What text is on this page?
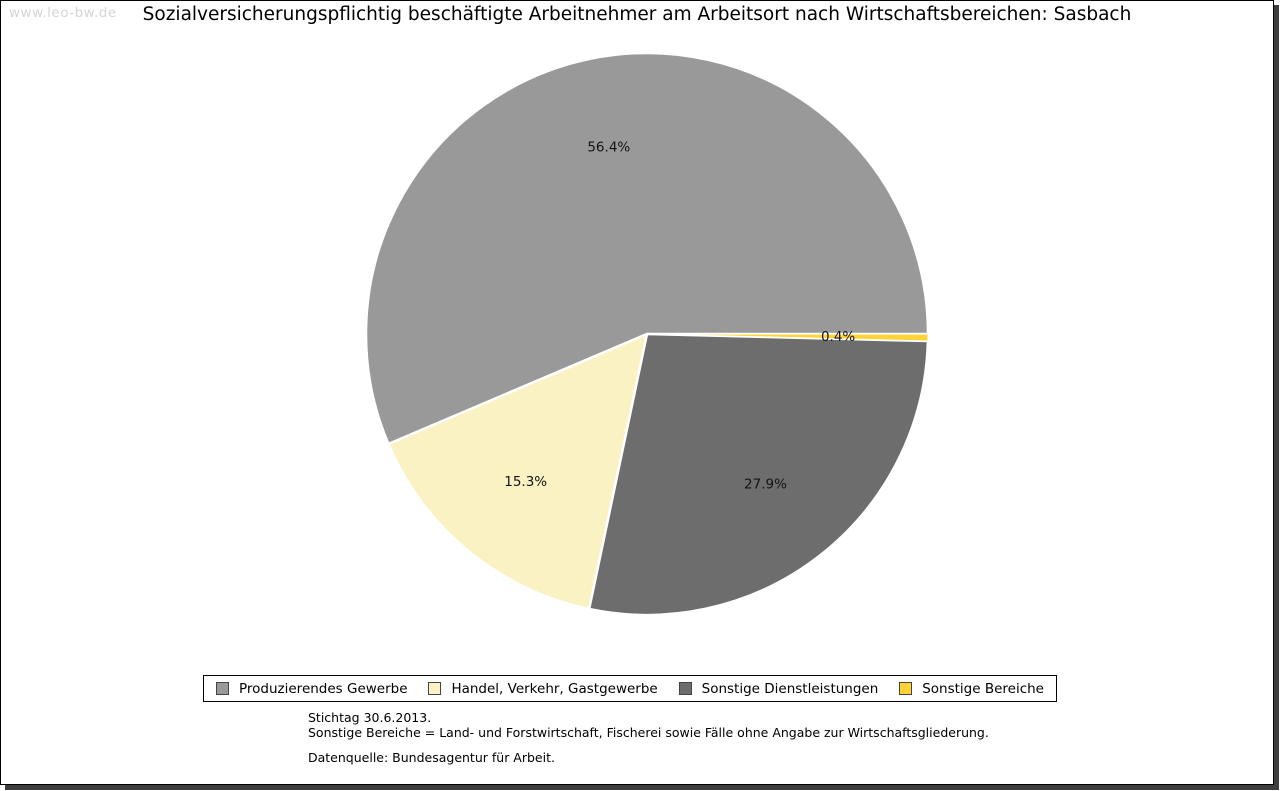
www.leo-bw.de	Sozialversicherungspflichtig beschäftigte Arbeitnehmer am Arbeitsort nach Wirtschaftsbereichen: Sasbach
56.4%
15.3%	27.9%
0.4%
Produzierendes Gewerbe	Handel, Verkehr, Gastgewerbe	Sonstige Dienstleistungen	Sonstige Bereiche
Stichtag 30.6.2013.
Sonstige Bereiche = Land- und Forstwirtschaft, Fischerei sowie Fälle ohne Angabe zur Wirtschaftsgliederung.
Datenquelle: Bundesagentur für Arbeit.
